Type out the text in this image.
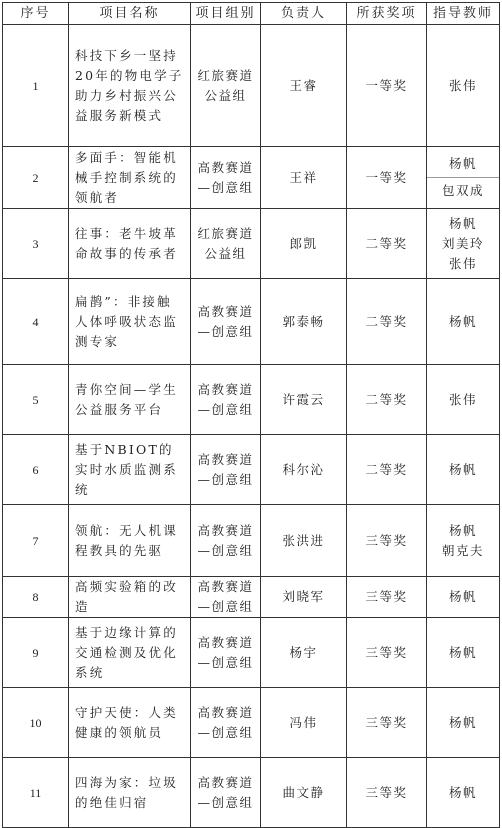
序号	项目名称	项目组别	负责人	所获奖项	指导教师
1	科技下乡一坚持20年的物电学子助力乡村振兴公益服务新模式	红旅赛道公益组	王睿	一等奖	张伟

2	多面手：智能机械手控制系统的领航者	高教赛道—创意组	王祥	一等奖	杨帆
包双成

3	往事：老牛坡革命故事的传承者	红旅赛道公益组	郎凯	二等奖	杨帆
刘美玲
张伟

4	扁鹊”：非接触人体呼吸状态监测专家	高教赛道—创意组	郭泰畅	二等奖	杨帆

5	青你空间—学生公益服务平台	高教赛道—创意组	许霞云	二等奖	张伟

6	基于NBIOT的实时水质监测系统	高教赛道—创意组	科尔沁	二等奖	杨帆

7	领航：无人机课程教具的先驱	高教赛道—创意组	张洪进	三等奖	杨帆
朝克夫

8	高频实验箱的改造	高教赛道—创意组	刘晓军	三等奖	杨帆

9	基于边缘计算的交通检测及优化系统	高教赛道—创意组	杨宇	三等奖	杨帆

10	守护天使：人类健康的领航员	高教赛道—创意组	冯伟	三等奖	杨帆

11	四海为家：垃圾的绝佳归宿	高教赛道—创意组	曲文静	三等奖	杨帆
